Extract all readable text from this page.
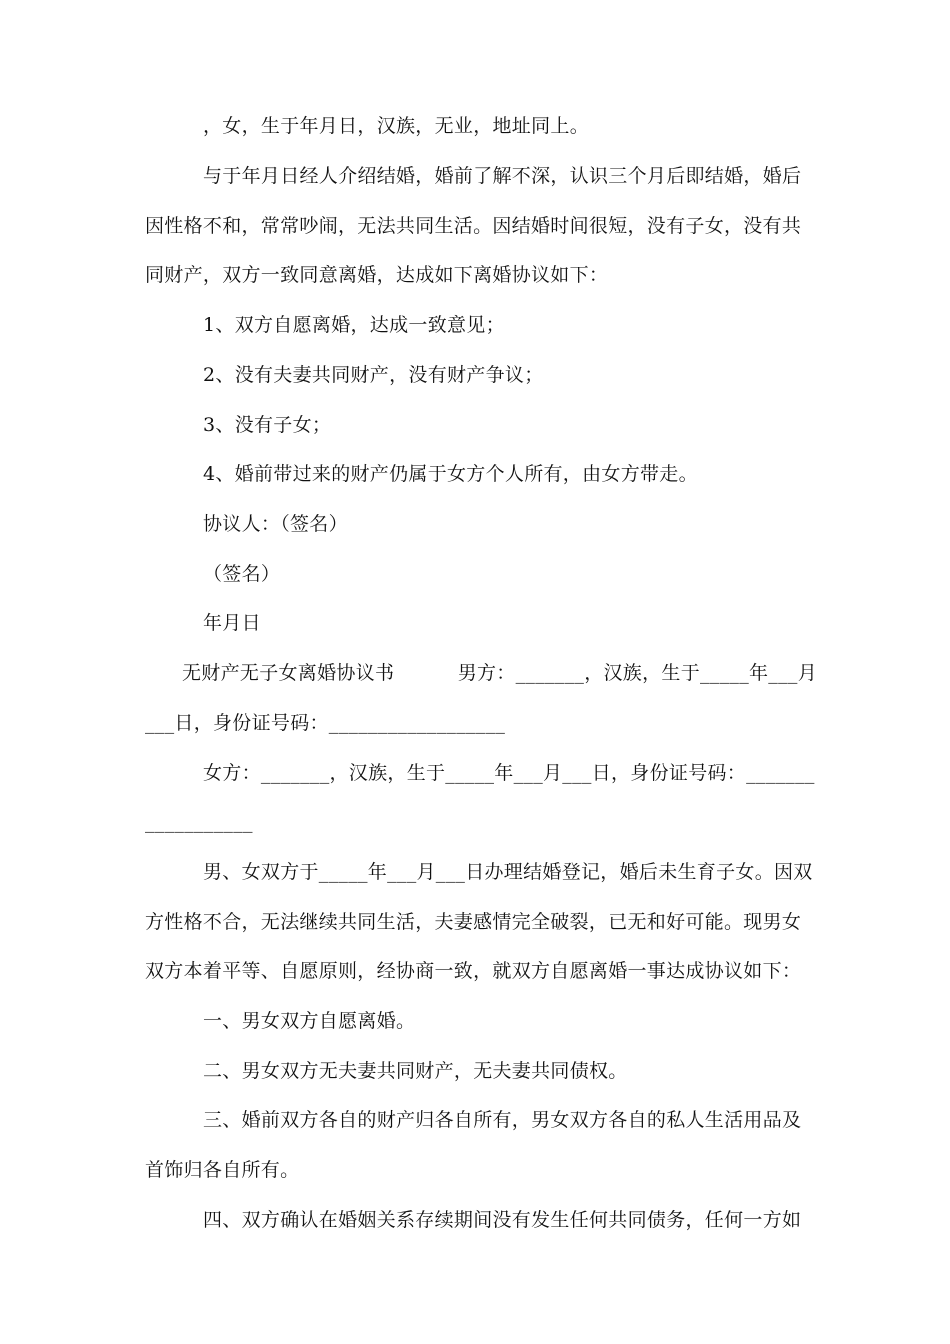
，女，生于年月日，汉族，无业，地址同上。
与于年月日经人介绍结婚，婚前了解不深，认识三个月后即结婚，婚后
因性格不和，常常吵闹，无法共同生活。因结婚时间很短，没有子女，没有共
同财产，双方一致同意离婚，达成如下离婚协议如下：
1、双方自愿离婚，达成一致意见；
2、没有夫妻共同财产，没有财产争议；
3、没有子女；
4、婚前带过来的财产仍属于女方个人所有，由女方带走。
协议人：（签名）
（签名）
年月日
无财产无子女离婚协议书          男方：_______，汉族，生于_____年___月
___日，身份证号码：__________________
女方：_______，汉族，生于_____年___月___日，身份证号码：_______
___________
男、女双方于_____年___月___日办理结婚登记，婚后未生育子女。因双
方性格不合，无法继续共同生活，夫妻感情完全破裂，已无和好可能。现男女
双方本着平等、自愿原则，经协商一致，就双方自愿离婚一事达成协议如下：
一、男女双方自愿离婚。
二、男女双方无夫妻共同财产，无夫妻共同债权。
三、婚前双方各自的财产归各自所有，男女双方各自的私人生活用品及
首饰归各自所有。
四、双方确认在婚姻关系存续期间没有发生任何共同债务，任何一方如
